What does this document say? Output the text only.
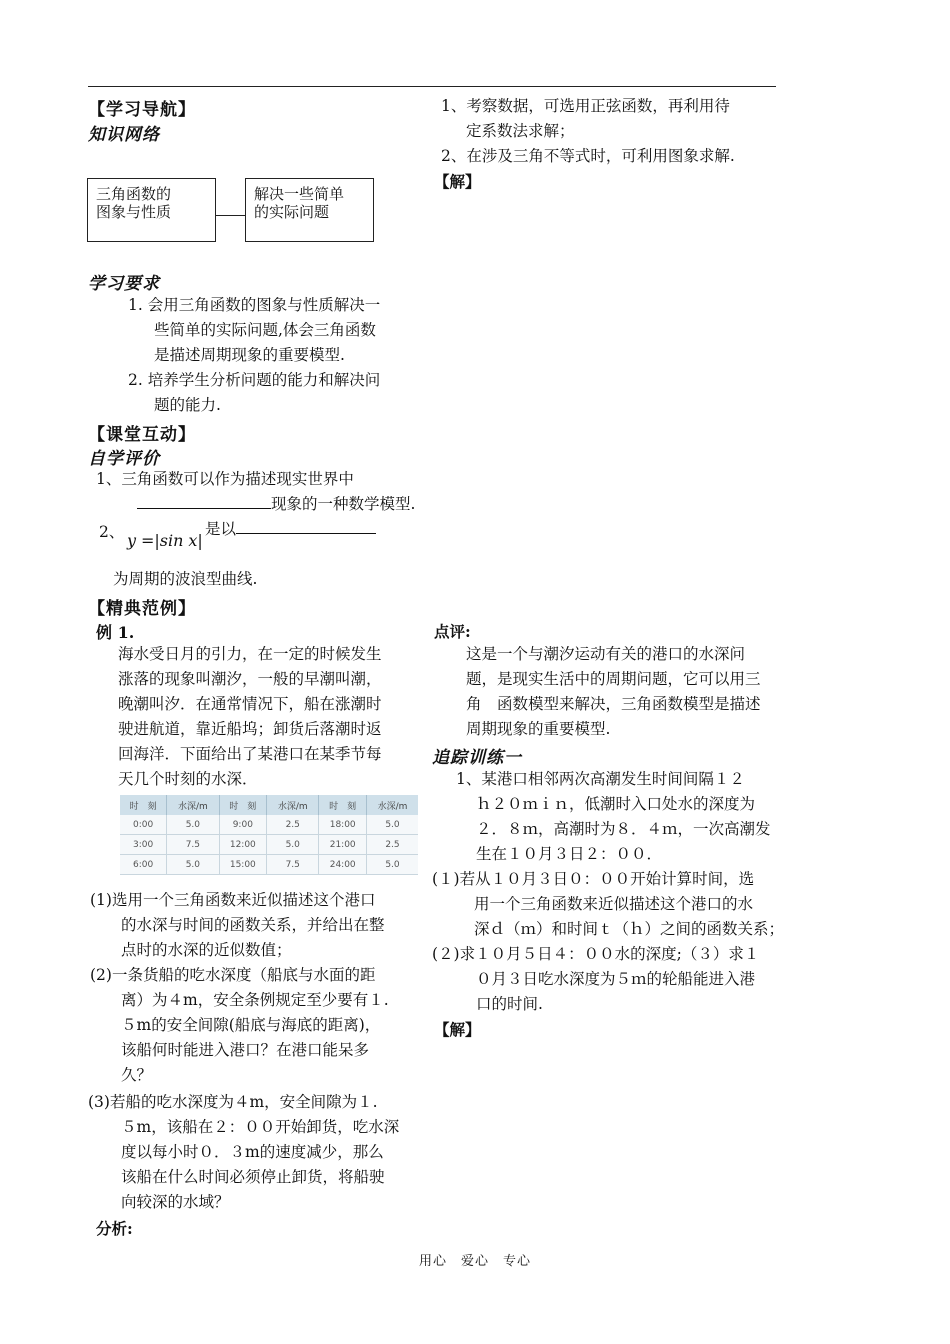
【学习导航】
知识网络
三角函数的
图象与性质
解决一些简单
的实际问题
学习要求
1. 会用三角函数的图象与性质解决一
些简单的实际问题,体会三角函数
是描述周期现象的重要模型.
2. 培养学生分析问题的能力和解决问
题的能力.
【课堂互动】
自学评价
1、三角函数可以作为描述现实世界中
现象的一种数学模型.
2、 y =|sin x|
是以
为周期的波浪型曲线.
【精典范例】
例 1.
海水受日月的引力，在一定的时候发生
涨落的现象叫潮汐，一般的早潮叫潮，
晚潮叫汐．在通常情况下，船在涨潮时
驶进航道，靠近船坞；卸货后落潮时返
回海洋．下面给出了某港口在某季节每
天几个时刻的水深．
时　刻	水深/m	时　刻	水深/m	时　刻	水深/m
0:00	5.0	9:00	2.5	18:00	5.0
3:00	7.5	12:00	5.0	21:00	2.5
6:00	5.0	15:00	7.5	24:00	5.0
(1)选用一个三角函数来近似描述这个港口
的水深与时间的函数关系，并给出在整
点时的水深的近似数值；
(2)一条货船的吃水深度（船底与水面的距
离）为４m，安全条例规定至少要有１.
５m的安全间隙(船底与海底的距离)，
该船何时能进入港口？在港口能呆多
久？
(3)若船的吃水深度为４m，安全间隙为１.
５m，该船在２：００开始卸货，吃水深
度以每小时０．３m的速度减少，那么
该船在什么时间必须停止卸货，将船驶
向较深的水域？
分析:
1、考察数据，可选用正弦函数，再利用待
定系数法求解；
2、在涉及三角不等式时，可利用图象求解.
【解】
点评:
这是一个与潮汐运动有关的港口的水深问
题，是现实生活中的周期问题，它可以用三
角　函数模型来解决，三角函数模型是描述
周期现象的重要模型.
追踪训练一
1、某港口相邻两次高潮发生时间间隔１２
ｈ２０ｍｉｎ，低潮时入口处水的深度为
２．８ｍ，高潮时为８．４ｍ，一次高潮发
生在１０月３日２：００．
(１)若从１０月３日０：００开始计算时间，选
用一个三角函数来近似描述这个港口的水
深ｄ（ｍ）和时间ｔ（ｈ）之间的函数关系；
(２)求１０月５日４：００水的深度;（３）求１
０月３日吃水深度为５ｍ的轮船能进入港
口的时间.
【解】
用心　爱心　专心
